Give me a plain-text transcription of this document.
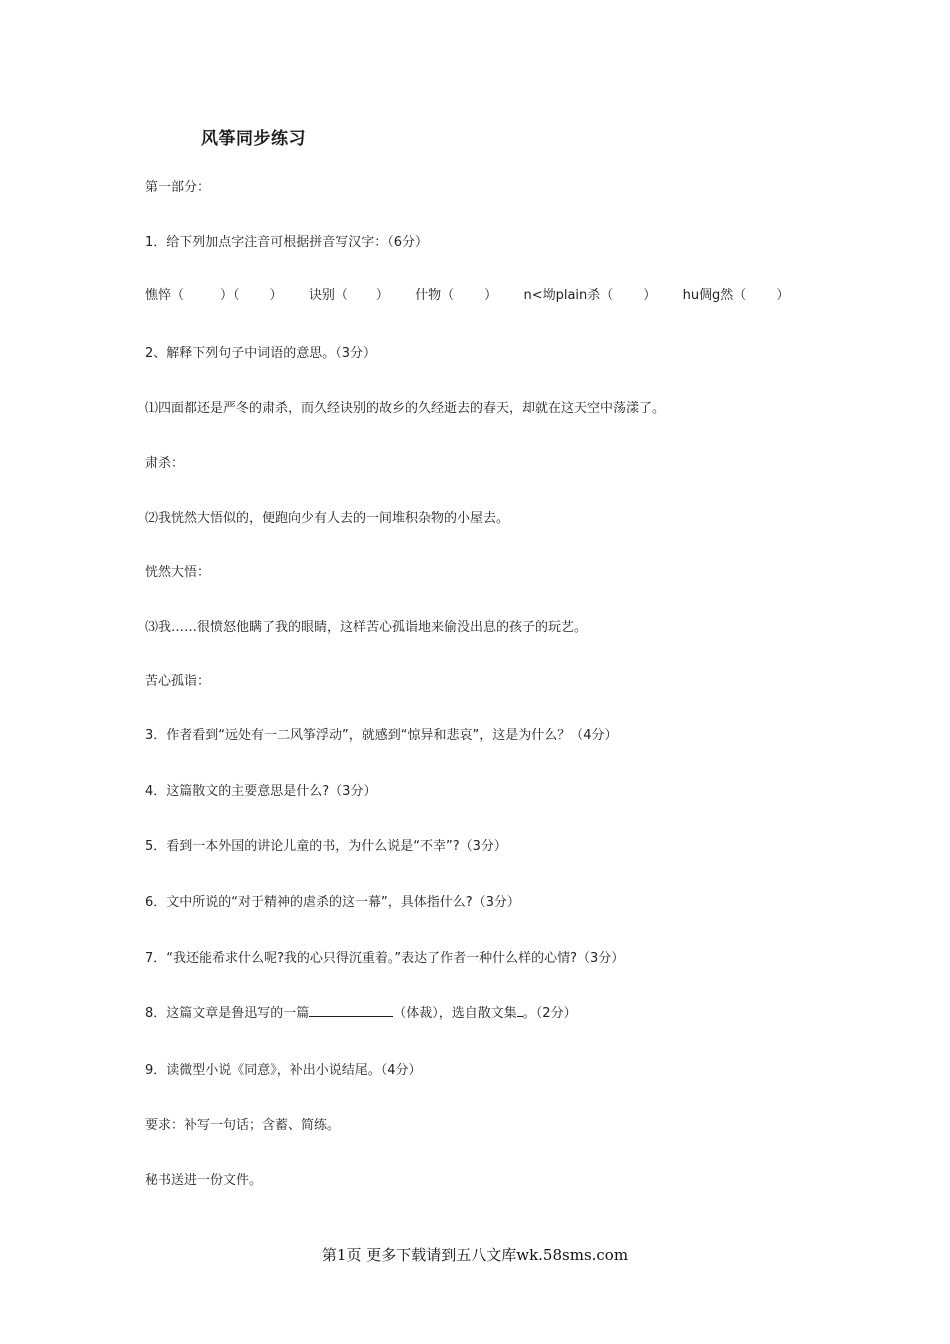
风筝同步练习
第一部分：
1．给下列加点字注音可根据拼音写汉字：（6分）
憔悴（	）（ ） 诀别（ ） 什物（ ） n<坳plain杀（ ） hu倜g然（ ）
2、解释下列句子中词语的意思。（3分）
⑴四面都还是严冬的肃杀，而久经诀别的故乡的久经逝去的春天，却就在这天空中荡漾了。
肃杀：
⑵我恍然大悟似的，便跑向少有人去的一间堆积杂物的小屋去。
恍然大悟：
⑶我……很愤怒他瞒了我的眼睛，这样苦心孤诣地来偷没出息的孩子的玩艺。
苦心孤诣：
3．作者看到“远处有一二风筝浮动”，就感到“惊异和悲哀”，这是为什么？（4分）
4．这篇散文的主要意思是什么?（3分）
5．看到一本外国的讲论儿童的书，为什么说是“不幸”?（3分）
6．文中所说的“对于精神的虐杀的这一幕”，具体指什么?（3分）
7．“我还能希求什么呢?我的心只得沉重着。”表达了作者一种什么样的心情?（3分）
8．这篇文章是鲁迅写的一篇	（体裁），选自散文集 。（2分）
9．读微型小说《同意》，补出小说结尾。（4分）
要求：补写一句话；含蓄、简练。
秘书送进一份文件。
第1页 更多下载请到五八文库wk.58sms.com
